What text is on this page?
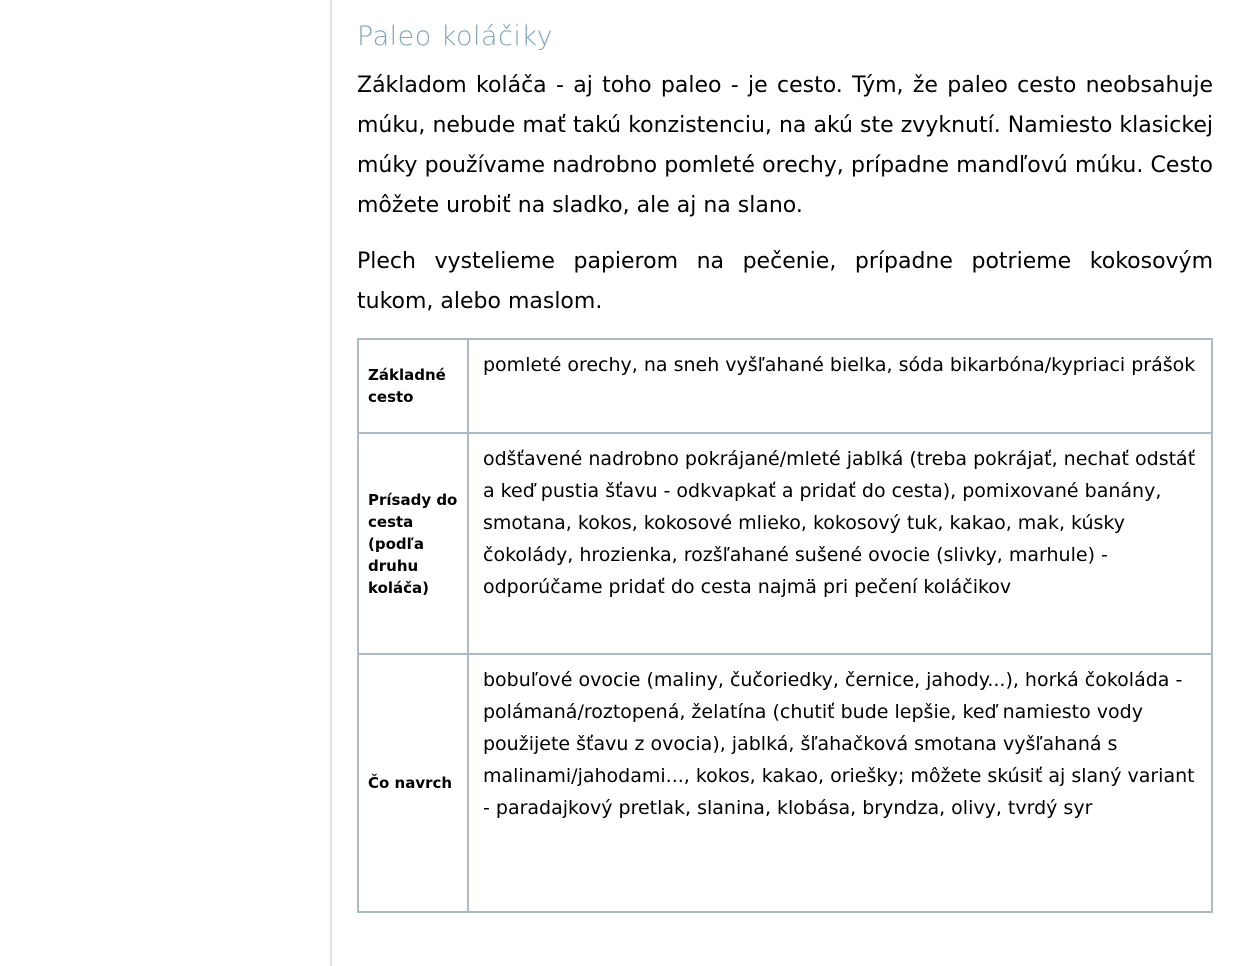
Paleo koláčiky

Základom koláča - aj toho paleo - je cesto. Tým, že paleo cesto neobsahuje múku, nebude mať takú konzistenciu, na akú ste zvyknutí. Namiesto klasickej múky používame nadrobno pomleté orechy, prípadne mandľovú múku. Cesto môžete urobiť na sladko, ale aj na slano.

Plech vystelieme papierom na pečenie, prípadne potrieme kokosovým tukom, alebo maslom.

Základné cesto	pomleté orechy, na sneh vyšľahané bielka, sóda bikarbóna/kypriaci prášok
Prísady do cesta (podľa druhu koláča)	odšťavené nadrobno pokrájané/mleté jablká (treba pokrájať, nechať odstáť a keď pustia šťavu - odkvapkať a pridať do cesta), pomixované banány, smotana, kokos, kokosové mlieko, kokosový tuk, kakao, mak, kúsky čokolády, hrozienka, rozšľahané sušené ovocie (slivky, marhule) - odporúčame pridať do cesta najmä pri pečení koláčikov
Čo navrch	bobuľové ovocie (maliny, čučoriedky, černice, jahody...), horká čokoláda - polámaná/roztopená, želatína (chutiť bude lepšie, keď namiesto vody použijete šťavu z ovocia), jablká, šľahačková smotana vyšľahaná s malinami/jahodami..., kokos, kakao, oriešky; môžete skúsiť aj slaný variant - paradajkový pretlak, slanina, klobása, bryndza, olivy, tvrdý syr
